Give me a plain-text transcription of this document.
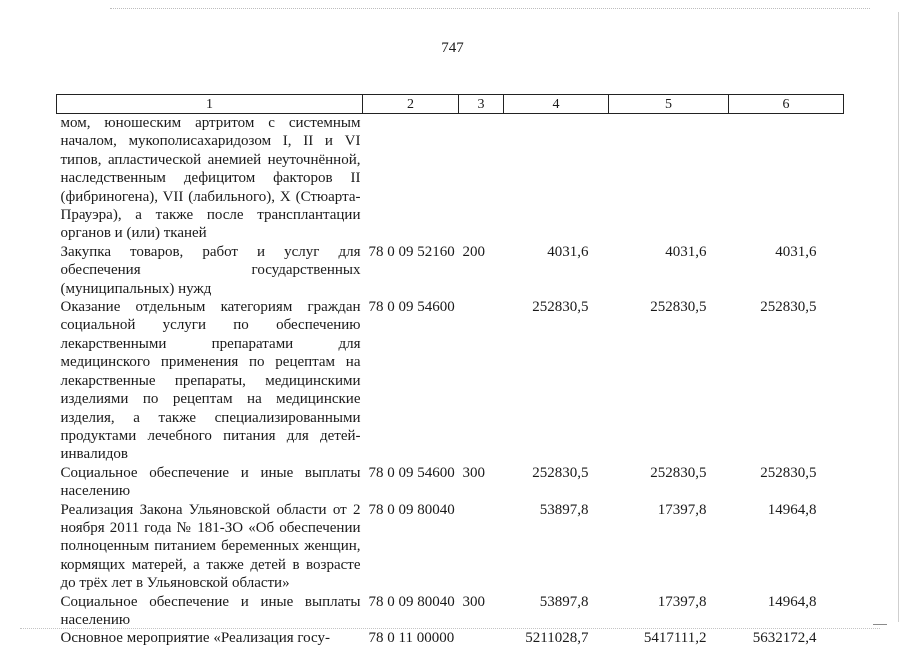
747
1	2	3	4	5	6
мом, юношеским артритом с системным началом, мукополисахаридозом I, II и VI типов, апластической анемией неуточнённой, наследственным дефицитом факторов II (фибриногена), VII (лабильного), X (Стюарта-Прауэра), а также после трансплантации органов и (или) тканей					
Закупка товаров, работ и услуг для обеспечения государственных (муниципальных) нужд	78 0 09 52160	200	4031,6	4031,6	4031,6
Оказание отдельным категориям граждан социальной услуги по обеспечению лекарственными препаратами для медицинского применения по рецептам на лекарственные препараты, медицинскими изделиями по рецептам на медицинские изделия, а также специализированными продуктами лечебного питания для детей-инвалидов	78 0 09 54600		252830,5	252830,5	252830,5
Социальное обеспечение и иные выплаты населению	78 0 09 54600	300	252830,5	252830,5	252830,5
Реализация Закона Ульяновской области от 2 ноября 2011 года № 181-ЗО «Об обеспечении полноценным питанием беременных женщин, кормящих матерей, а также детей в возрасте до трёх лет в Ульяновской области»	78 0 09 80040		53897,8	17397,8	14964,8
Социальное обеспечение и иные выплаты населению	78 0 09 80040	300	53897,8	17397,8	14964,8
Основное мероприятие «Реализация госу-	78 0 11 00000		5211028,7	5417111,2	5632172,4
